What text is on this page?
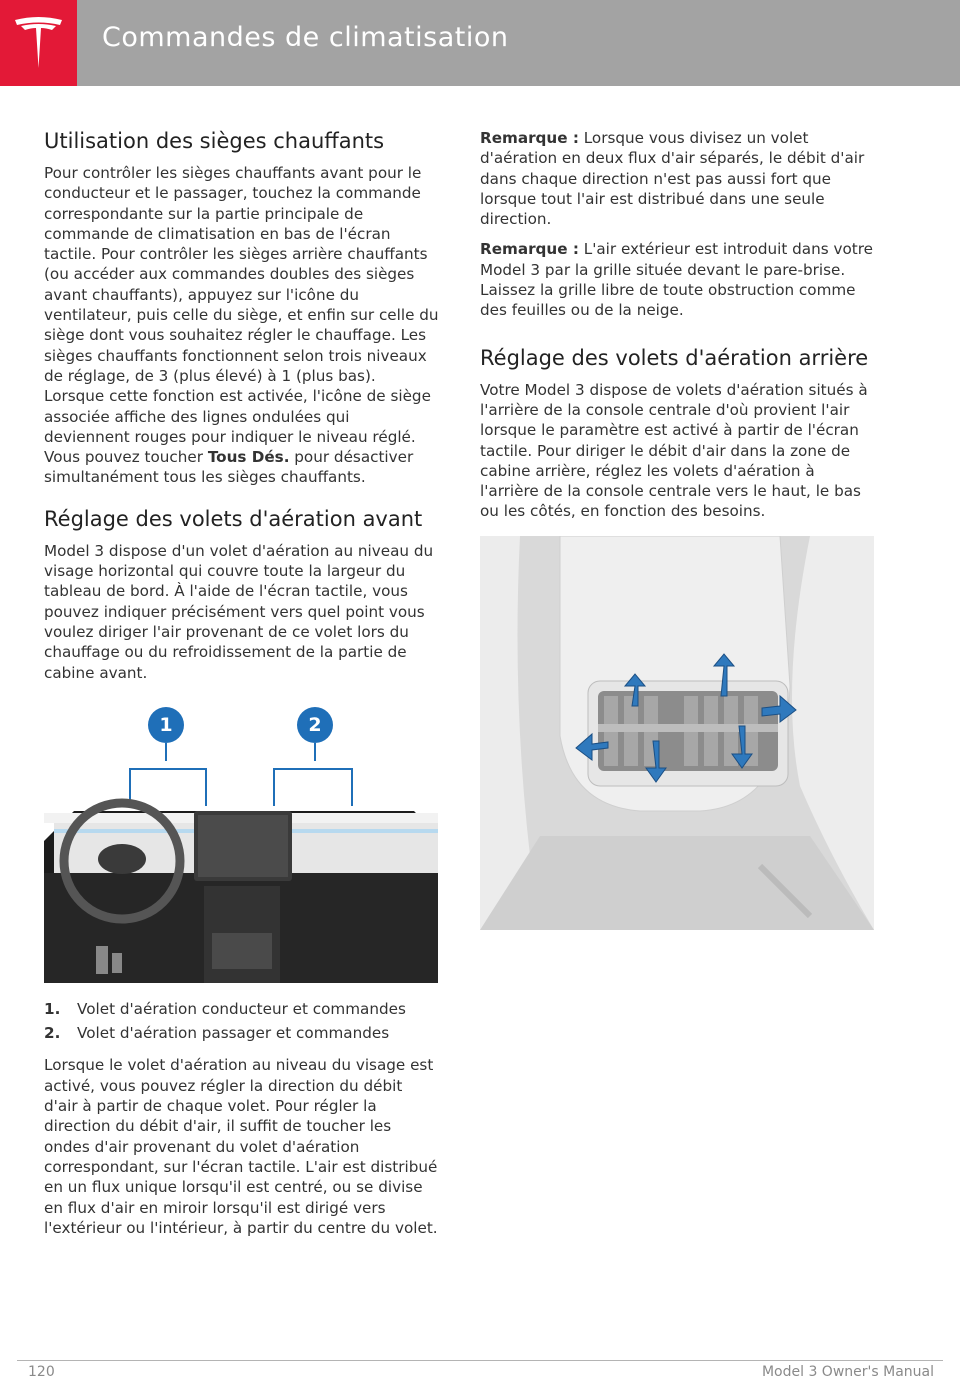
Commandes de climatisation
Utilisation des sièges chauffants

Pour contrôler les sièges chauffants avant pour le conducteur et le passager, touchez la commande correspondante sur la partie principale de commande de climatisation en bas de l'écran tactile. Pour contrôler les sièges arrière chauffants (ou accéder aux commandes doubles des sièges avant chauffants), appuyez sur l'icône du ventilateur, puis celle du siège, et enfin sur celle du siège dont vous souhaitez régler le chauffage. Les sièges chauffants fonctionnent selon trois niveaux de réglage, de 3 (plus élevé) à 1 (plus bas). Lorsque cette fonction est activée, l'icône de siège associée affiche des lignes ondulées qui deviennent rouges pour indiquer le niveau réglé. Vous pouvez toucher Tous Dés. pour désactiver simultanément tous les sièges chauffants.

Réglage des volets d'aération avant

Model 3 dispose d'un volet d'aération au niveau du visage horizontal qui couvre toute la largeur du tableau de bord. À l'aide de l'écran tactile, vous pouvez indiquer précisément vers quel point vous voulez diriger l'air provenant de ce volet lors du chauffage ou du refroidissement de la partie de cabine avant.

1	2
1.	Volet d'aération conducteur et commandes
2.	Volet d'aération passager et commandes

Lorsque le volet d'aération au niveau du visage est activé, vous pouvez régler la direction du débit d'air à partir de chaque volet. Pour régler la direction du débit d'air, il suffit de toucher les ondes d'air provenant du volet d'aération correspondant, sur l'écran tactile. L'air est distribué en un flux unique lorsqu'il est centré, ou se divise en flux d'air en miroir lorsqu'il est dirigé vers l'extérieur ou l'intérieur, à partir du centre du volet.

Remarque : Lorsque vous divisez un volet d'aération en deux flux d'air séparés, le débit d'air dans chaque direction n'est pas aussi fort que lorsque tout l'air est distribué dans une seule direction.

Remarque : L'air extérieur est introduit dans votre Model 3 par la grille située devant le pare-brise. Laissez la grille libre de toute obstruction comme des feuilles ou de la neige.

Réglage des volets d'aération arrière

Votre Model 3 dispose de volets d'aération situés à l'arrière de la console centrale d'où provient l'air lorsque le paramètre est activé à partir de l'écran tactile. Pour diriger le débit d'air dans la zone de cabine arrière, réglez les volets d'aération à l'arrière de la console centrale vers le haut, le bas ou les côtés, en fonction des besoins.

120	Model 3 Owner's Manual
